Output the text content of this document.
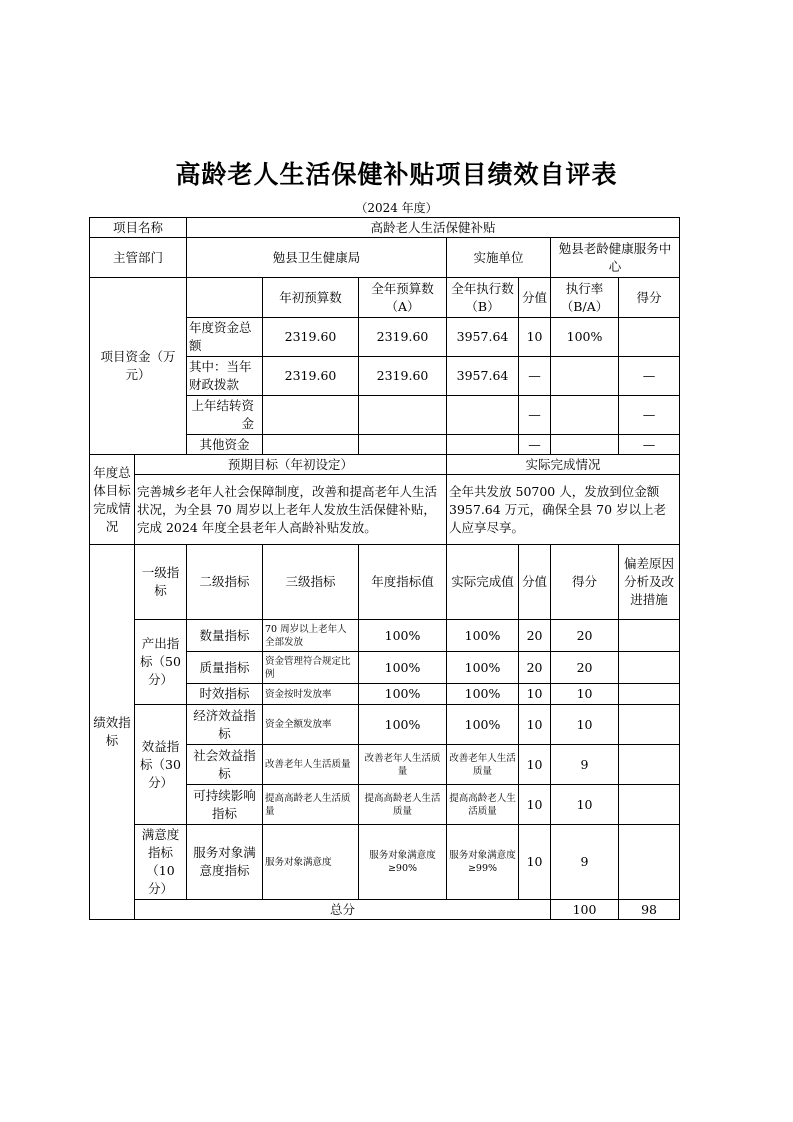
高龄老人生活保健补贴项目绩效自评表
（2024 年度）
项目名称		高龄老人生活保健补贴							
主管部门		勉县卫生健康局			实施单位		勉县老龄健康服务中心		
项目资金（万元）			年初预算数	全年预算数（A）	全年执行数（B）	分值	执行率（B/A）	得分	
		年度资金总额	2319.60	2319.60	3957.64	10	100%		
		其中：当年财政拨款	2319.60	2319.60	3957.64	—		—	
		上年结转资金				—		—	
		其他资金				—		—	
年度总体目标完成情况	预期目标（年初设定）				实际完成情况				
	完善城乡老年人社会保障制度，改善和提高老年人生活状况，为全县 70 周岁以上老年人发放生活保健补贴，完成 2024 年度全县老年人高龄补贴发放。				全年共发放 50700 人，发放到位金额 3957.64 万元，确保全县 70 岁以上老人应享尽享。				
绩效指标	一级指标	二级指标	三级指标	年度指标值	实际完成值	分值	得分	偏差原因分析及改进措施	
	产出指标（50分）	数量指标	70 周岁以上老年人全部发放	100%	100%	20	20		
		质量指标	资金管理符合规定比例	100%	100%	20	20		
		时效指标	资金按时发放率	100%	100%	10	10		
	效益指标（30分）	经济效益指标	资金全额发放率	100%	100%	10	10		
		社会效益指标	改善老年人生活质量	改善老年人生活质量	改善老年人生活质量	10	9		
		可持续影响指标	提高高龄老人生活质量	提高高龄老人生活质量	提高高龄老人生活质量	10	10		
	满意度指标（10分）	服务对象满意度指标	服务对象满意度	服务对象满意度≥90%	服务对象满意度≥99%	10	9		
	总分						100	98	
